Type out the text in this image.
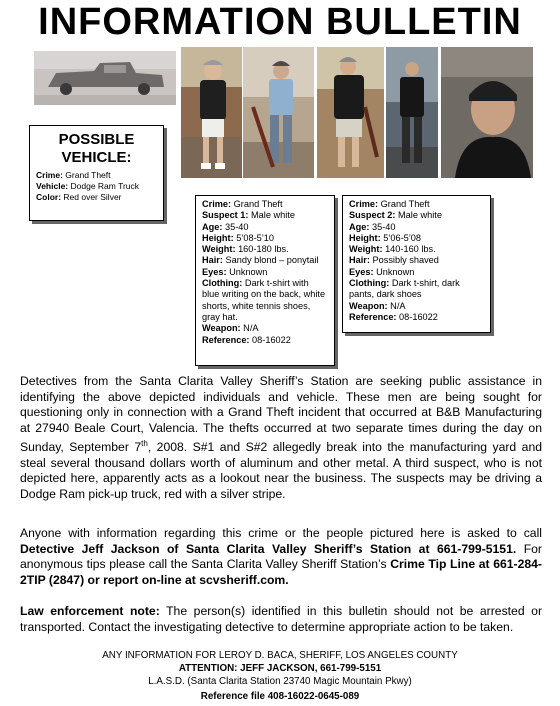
INFORMATION BULLETIN
POSSIBLE
VEHICLE:
Crime: Grand Theft
Vehicle: Dodge Ram Truck
Color: Red over Silver
Crime: Grand Theft
Suspect 1: Male white
Age: 35-40
Height: 5’08-5’10
Weight: 160-180 lbs.
Hair: Sandy blond – ponytail
Eyes: Unknown
Clothing: Dark t-shirt with blue writing on the back, white shorts, white tennis shoes, gray hat.
Weapon: N/A
Reference: 08-16022
Crime: Grand Theft
Suspect 2: Male white
Age: 35-40
Height: 5’06-5’08
Weight: 140-160 lbs.
Hair: Possibly shaved
Eyes: Unknown
Clothing: Dark t-shirt, dark pants, dark shoes
Weapon: N/A
Reference: 08-16022
Detectives from the Santa Clarita Valley Sheriff’s Station are seeking public assistance in identifying the above depicted individuals and vehicle. These men are being sought for questioning only in connection with a Grand Theft incident that occurred at B&B Manufacturing at 27940 Beale Court, Valencia. The thefts occurred at two separate times during the day on Sunday, September 7th, 2008. S#1 and S#2 allegedly break into the manufacturing yard and steal several thousand dollars worth of aluminum and other metal. A third suspect, who is not depicted here, apparently acts as a lookout near the business. The suspects may be driving a Dodge Ram pick-up truck, red with a silver stripe.
Anyone with information regarding this crime or the people pictured here is asked to call Detective Jeff Jackson of Santa Clarita Valley Sheriff’s Station at 661-799-5151. For anonymous tips please call the Santa Clarita Valley Sheriff Station’s Crime Tip Line at 661-284-2TIP (2847) or report on-line at scvsheriff.com.
Law enforcement note: The person(s) identified in this bulletin should not be arrested or transported. Contact the investigating detective to determine appropriate action to be taken.
ANY INFORMATION FOR LEROY D. BACA, SHERIFF, LOS ANGELES COUNTY
ATTENTION: JEFF JACKSON, 661-799-5151
L.A.S.D. (Santa Clarita Station 23740 Magic Mountain Pkwy)
Reference file 408-16022-0645-089
